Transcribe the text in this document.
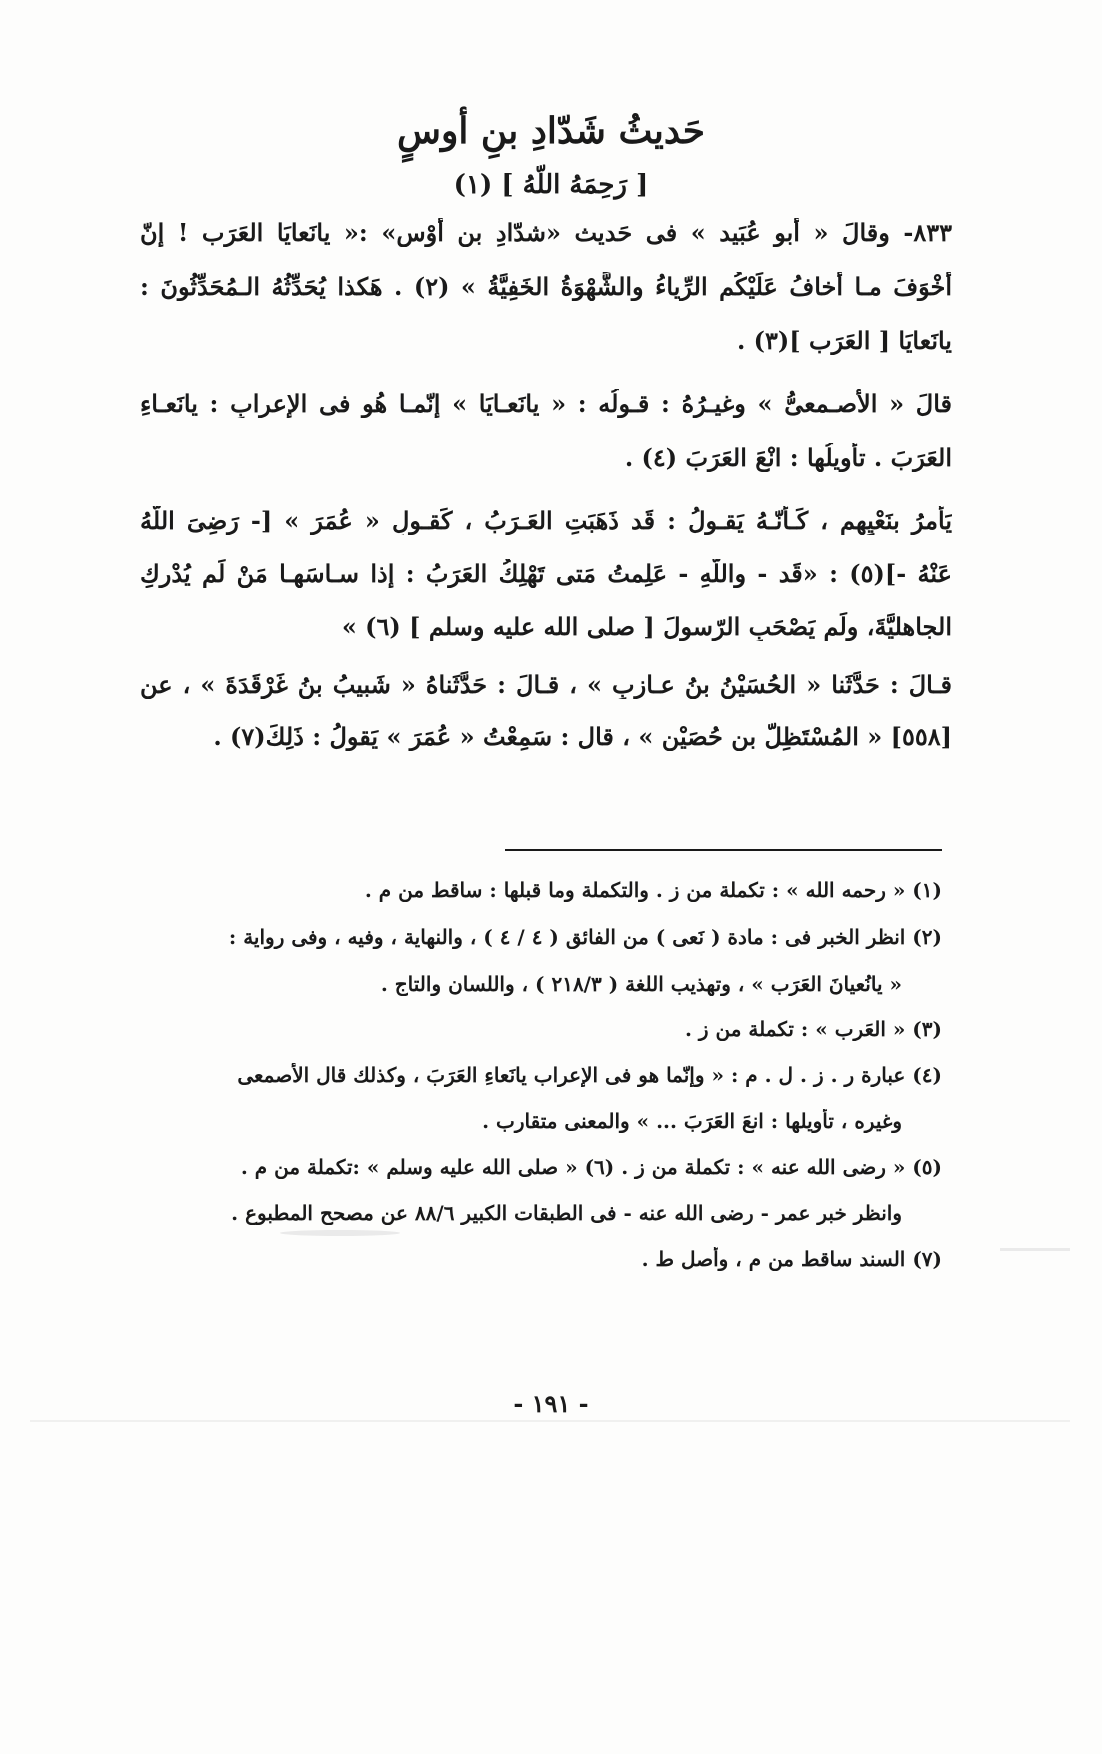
حَديثُ شَدّادِ بنِ أوسٍ
[ رَحِمَهُ اللّهُ ] (١)
٨٣٣- وقالَ « أبو عُبَيد » فى حَديث «شدّادِ بنِ أوْسٍ» :« يانَعايَا العَرَب ! إنّ
أخْوَفَ مـا أخافُ عَلَيْكُم الرِّياءُ والشَّهْوَةُ الخَفِيَّةُ » (٢) . هَكذا يُحَدِّثُهُ الـمُحَدِّثُونَ :
يانَعايَا [ العَرَب ](٣) .
قالَ « الأصـمعىُّ » وغيـرُهُ : قـولُه : « يانَعـايَا » إنّمـا هُو فى الإعرابِ : يانَعـاءِ
العَرَبَ . تأويلُها : انْعَ العَرَبَ (٤) .
يَأمرُ بنَعْيِهِم ، كَـأنّـهُ يَقـولُ : قَد ذَهَبَتِ العَـرَبُ ، كَقـولِ « عُمَرَ » [- رَضِىَ اللّهُ
عَنْهُ -](٥) : «قَد - واللّهِ - عَلِمتُ مَتى تَهْلِكُ العَرَبُ : إذا سـاسَهـا مَنْ لَم يُدْرِكِ
الجاهليَّةَ، ولَم يَصْحَبِ الرّسولَ [ صلى الله عليه وسلم ] (٦) »
قـالَ : حَدَّثَنا « الحُسَيْنُ بنُ عـازِبٍ » ، قـالَ : حَدَّثَناهُ « شَبيبُ بنُ غَرْقَدَةَ » ، عن
[٥٥٨] « المُسْتَظِلّ بنِ حُصَيْنٍ » ، قال : سَمِعْتُ « عُمَرَ » يَقولُ : ذَلِكَ(٧) .
(١) « رحمه الله » : تكملة من ز . والتكملة وما قبلها : ساقط من م .
(٢) انظر الخبر فى : مادة ( نَعى ) من الفائق ( ٤ / ٤ ) ، والنهاية ، وفيه ، وفى رواية :
« يانُعيانَ العَرَب » ، وتهذيب اللغة ( ٢١٨/٣ ) ، واللسان والتاج .
(٣) « العَرب » : تكملة من ز .
(٤) عبارة ر . ز . ل . م : « وإنّما هو فى الإعراب يانَعاءِ العَرَبَ ، وكذلك قال الأصمعى
وغيره ، تأويلها : انعَ العَرَبَ ... » والمعنى متقارب .
(٥) « رضى الله عنه » : تكملة من ز . (٦) « صلى الله عليه وسلم » :تكملة من م .
وانظر خبر عمر - رضى الله عنه - فى الطبقات الكبير ٨٨/٦ عن مصحح المطبوع .
(٧) السند ساقط من م ، وأصل ط .
- ١٩١ -
